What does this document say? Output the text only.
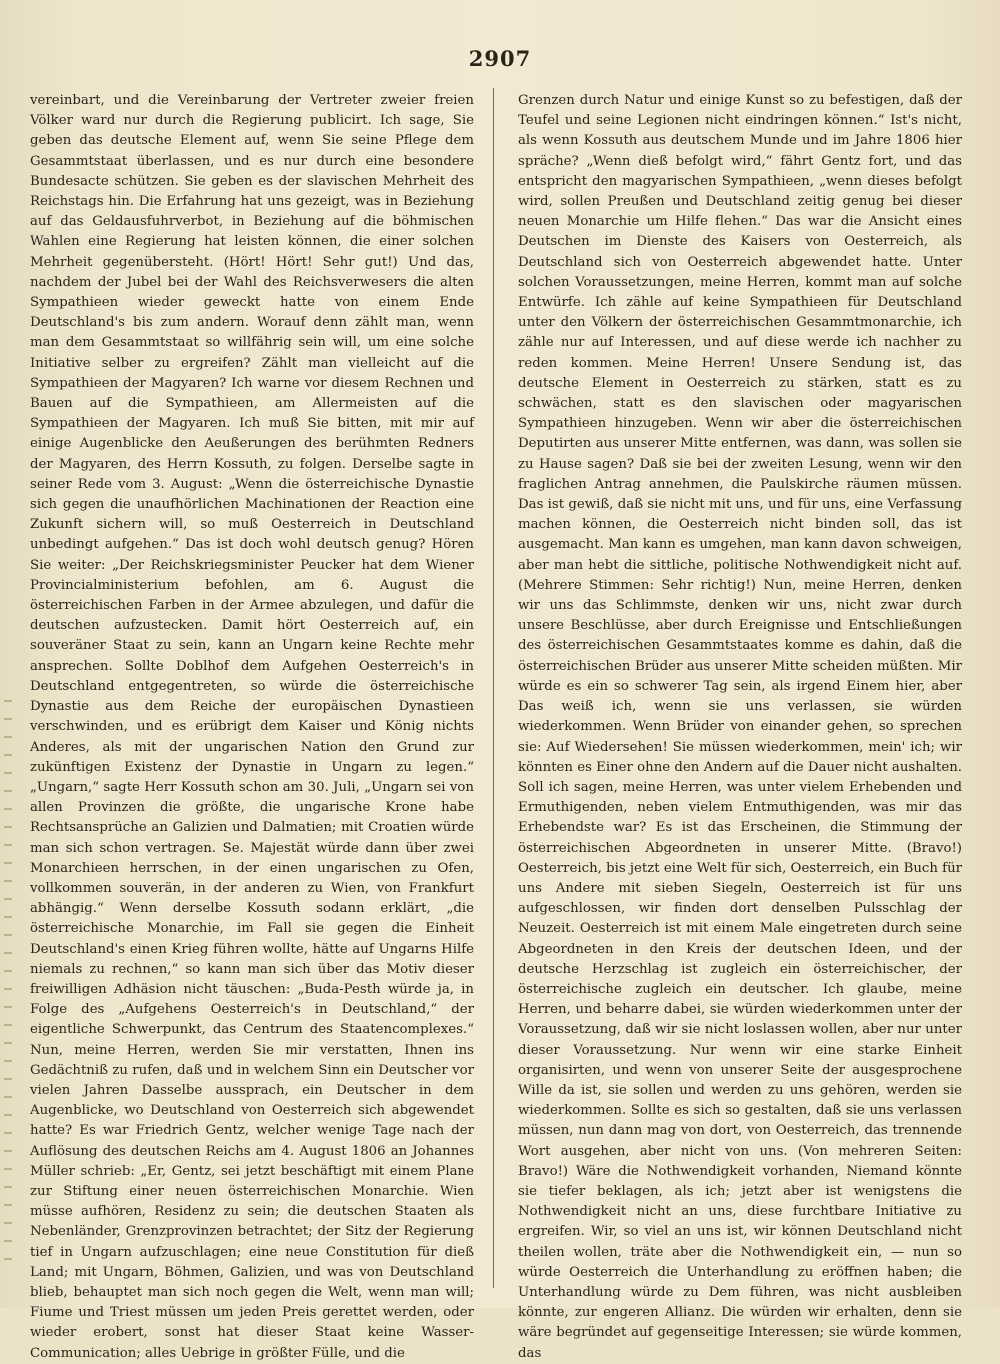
2907

vereinbart, und die Vereinbarung der Vertreter zweier freien Völker ward nur durch die Regierung publicirt. Ich sage, Sie geben das deutsche Element auf, wenn Sie seine Pflege dem Gesammtstaat überlassen, und es nur durch eine besondere Bundesacte schützen. Sie geben es der slavischen Mehrheit des Reichstags hin. Die Erfahrung hat uns gezeigt, was in Beziehung auf das Geldausfuhrverbot, in Beziehung auf die böhmischen Wahlen eine Regierung hat leisten können, die einer solchen Mehrheit gegenübersteht. (Hört! Hört! Sehr gut!) Und das, nachdem der Jubel bei der Wahl des Reichsverwesers die alten Sympathieen wieder geweckt hatte von einem Ende Deutschland's bis zum andern. Worauf denn zählt man, wenn man dem Gesammtstaat so willfährig sein will, um eine solche Initiative selber zu ergreifen? Zählt man vielleicht auf die Sympathieen der Magyaren? Ich warne vor diesem Rechnen und Bauen auf die Sympathieen, am Allermeisten auf die Sympathieen der Magyaren. Ich muß Sie bitten, mit mir auf einige Augenblicke den Aeußerungen des berühmten Redners der Magyaren, des Herrn Kossuth, zu folgen. Derselbe sagte in seiner Rede vom 3. August: „Wenn die österreichische Dynastie sich gegen die unaufhörlichen Machinationen der Reaction eine Zukunft sichern will, so muß Oesterreich in Deutschland unbedingt aufgehen.“ Das ist doch wohl deutsch genug? Hören Sie weiter: „Der Reichskriegsminister Peucker hat dem Wiener Provincialministerium befohlen, am 6. August die österreichischen Farben in der Armee abzulegen, und dafür die deutschen aufzustecken. Damit hört Oesterreich auf, ein souveräner Staat zu sein, kann an Ungarn keine Rechte mehr ansprechen. Sollte Doblhof dem Aufgehen Oesterreich's in Deutschland entgegentreten, so würde die österreichische Dynastie aus dem Reiche der europäischen Dynastieen verschwinden, und es erübrigt dem Kaiser und König nichts Anderes, als mit der ungarischen Nation den Grund zur zukünftigen Existenz der Dynastie in Ungarn zu legen.“ „Ungarn,“ sagte Herr Kossuth schon am 30. Juli, „Ungarn sei von allen Provinzen die größte, die ungarische Krone habe Rechtsansprüche an Galizien und Dalmatien; mit Croatien würde man sich schon vertragen. Se. Majestät würde dann über zwei Monarchieen herrschen, in der einen ungarischen zu Ofen, vollkommen souverän, in der anderen zu Wien, von Frankfurt abhängig.“ Wenn derselbe Kossuth sodann erklärt, „die österreichische Monarchie, im Fall sie gegen die Einheit Deutschland's einen Krieg führen wollte, hätte auf Ungarns Hilfe niemals zu rechnen,“ so kann man sich über das Motiv dieser freiwilligen Adhäsion nicht täuschen: „Buda-Pesth würde ja, in Folge des „Aufgehens Oesterreich's in Deutschland,“ der eigentliche Schwerpunkt, das Centrum des Staatencomplexes.“ Nun, meine Herren, werden Sie mir verstatten, Ihnen ins Gedächtniß zu rufen, daß und in welchem Sinn ein Deutscher vor vielen Jahren Dasselbe aussprach, ein Deutscher in dem Augenblicke, wo Deutschland von Oesterreich sich abgewendet hatte? Es war Friedrich Gentz, welcher wenige Tage nach der Auflösung des deutschen Reichs am 4. August 1806 an Johannes Müller schrieb: „Er, Gentz, sei jetzt beschäftigt mit einem Plane zur Stiftung einer neuen österreichischen Monarchie. Wien müsse aufhören, Residenz zu sein; die deutschen Staaten als Nebenländer, Grenzprovinzen betrachtet; der Sitz der Regierung tief in Ungarn aufzuschlagen; eine neue Constitution für dieß Land; mit Ungarn, Böhmen, Galizien, und was von Deutschland blieb, behauptet man sich noch gegen die Welt, wenn man will; Fiume und Triest müssen um jeden Preis gerettet werden, oder wieder erobert, sonst hat dieser Staat keine Wasser-Communication; alles Uebrige in größter Fülle, und die

Grenzen durch Natur und einige Kunst so zu befestigen, daß der Teufel und seine Legionen nicht eindringen können.“ Ist's nicht, als wenn Kossuth aus deutschem Munde und im Jahre 1806 hier spräche? „Wenn dieß befolgt wird,“ fährt Gentz fort, und das entspricht den magyarischen Sympathieen, „wenn dieses befolgt wird, sollen Preußen und Deutschland zeitig genug bei dieser neuen Monarchie um Hilfe flehen.“ Das war die Ansicht eines Deutschen im Dienste des Kaisers von Oesterreich, als Deutschland sich von Oesterreich abgewendet hatte. Unter solchen Voraussetzungen, meine Herren, kommt man auf solche Entwürfe. Ich zähle auf keine Sympathieen für Deutschland unter den Völkern der österreichischen Gesammtmonarchie, ich zähle nur auf Interessen, und auf diese werde ich nachher zu reden kommen. Meine Herren! Unsere Sendung ist, das deutsche Element in Oesterreich zu stärken, statt es zu schwächen, statt es den slavischen oder magyarischen Sympathieen hinzugeben. Wenn wir aber die österreichischen Deputirten aus unserer Mitte entfernen, was dann, was sollen sie zu Hause sagen? Daß sie bei der zweiten Lesung, wenn wir den fraglichen Antrag annehmen, die Paulskirche räumen müssen. Das ist gewiß, daß sie nicht mit uns, und für uns, eine Verfassung machen können, die Oesterreich nicht binden soll, das ist ausgemacht. Man kann es umgehen, man kann davon schweigen, aber man hebt die sittliche, politische Nothwendigkeit nicht auf. (Mehrere Stimmen: Sehr richtig!) Nun, meine Herren, denken wir uns das Schlimmste, denken wir uns, nicht zwar durch unsere Beschlüsse, aber durch Ereignisse und Entschließungen des österreichischen Gesammtstaates komme es dahin, daß die österreichischen Brüder aus unserer Mitte scheiden müßten. Mir würde es ein so schwerer Tag sein, als irgend Einem hier, aber Das weiß ich, wenn sie uns verlassen, sie würden wiederkommen. Wenn Brüder von einander gehen, so sprechen sie: Auf Wiedersehen! Sie müssen wiederkommen, mein' ich; wir könnten es Einer ohne den Andern auf die Dauer nicht aushalten. Soll ich sagen, meine Herren, was unter vielem Erhebenden und Ermuthigenden, neben vielem Entmuthigenden, was mir das Erhebendste war? Es ist das Erscheinen, die Stimmung der österreichischen Abgeordneten in unserer Mitte. (Bravo!) Oesterreich, bis jetzt eine Welt für sich, Oesterreich, ein Buch für uns Andere mit sieben Siegeln, Oesterreich ist für uns aufgeschlossen, wir finden dort denselben Pulsschlag der Neuzeit. Oesterreich ist mit einem Male eingetreten durch seine Abgeordneten in den Kreis der deutschen Ideen, und der deutsche Herzschlag ist zugleich ein österreichischer, der österreichische zugleich ein deutscher. Ich glaube, meine Herren, und beharre dabei, sie würden wiederkommen unter der Voraussetzung, daß wir sie nicht loslassen wollen, aber nur unter dieser Voraussetzung. Nur wenn wir eine starke Einheit organisirten, und wenn von unserer Seite der ausgesprochene Wille da ist, sie sollen und werden zu uns gehören, werden sie wiederkommen. Sollte es sich so gestalten, daß sie uns verlassen müssen, nun dann mag von dort, von Oesterreich, das trennende Wort ausgehen, aber nicht von uns. (Von mehreren Seiten: Bravo!) Wäre die Nothwendigkeit vorhanden, Niemand könnte sie tiefer beklagen, als ich; jetzt aber ist wenigstens die Nothwendigkeit nicht an uns, diese furchtbare Initiative zu ergreifen. Wir, so viel an uns ist, wir können Deutschland nicht theilen wollen, träte aber die Nothwendigkeit ein, — nun so würde Oesterreich die Unterhandlung zu eröffnen haben; die Unterhandlung würde zu Dem führen, was nicht ausbleiben könnte, zur engeren Allianz. Die würden wir erhalten, denn sie wäre begründet auf gegenseitige Interessen; sie würde kommen, das
